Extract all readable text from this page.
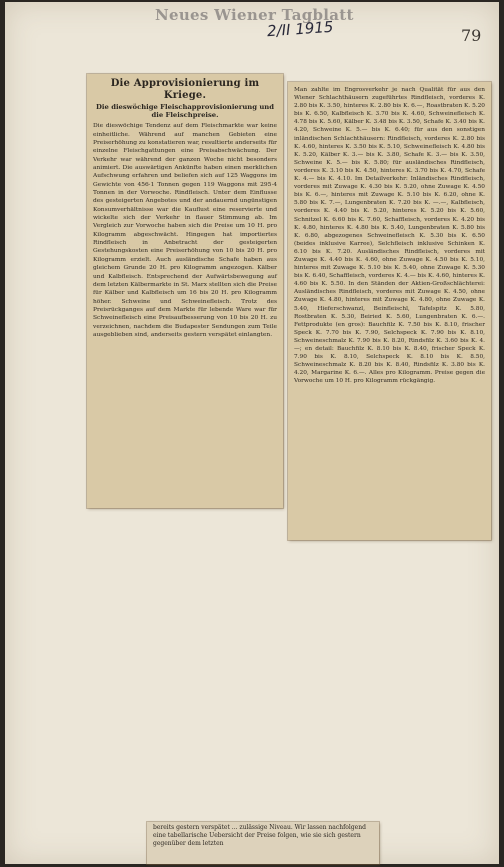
Neues Wiener Tagblatt
2/II 1915	79
Die Approvisionierung im Kriege.
Die dieswöchige Fleischapprovisionierung und die Fleischpreise.

Die dieswöchige Tendenz auf dem Fleischmarkte war keine einheitliche. Während auf manchen Gebieten eine Preiserhöhung zu konstatieren war, resultierte anderseits für einzelne Fleischgattungen eine Preisabschwächung. Der Verkehr war während der ganzen Woche nicht besonders animiert. Die auswärtigen Ankünfte haben einen merklichen Aufschwung erfahren und beliefen sich auf 125 Waggons im Gewichte von 456·1 Tonnen gegen 119 Waggons mit 295·4 Tonnen in der Vorwoche. Rindfleisch. Unter dem Einflusse des gesteigerten Angebotes und der andauernd ungünstigen Konsumverhältnisse war die Kauflust eine reservierte und wickelte sich der Verkehr in flauer Stimmung ab. Im Vergleich zur Vorwoche haben sich die Preise um 10 H. pro Kilogramm abgeschwächt. Hingegen hat importiertes Rindfleisch in Anbetracht der gesteigerten Gestehungskosten eine Preiserhöhung von 10 bis 20 H. pro Kilogramm erzielt. Auch ausländische Schafe haben aus gleichem Grunde 20 H. pro Kilogramm angezogen. Kälber und Kalbfleisch. Entsprechend der Aufwärtsbewegung auf dem letzten Kälbermarkte in St. Marx stellten sich die Preise für Kälber und Kalbfleisch um 16 bis 20 H. pro Kilogramm höher. Schweine und Schweinefleisch. Trotz des Preisrückganges auf dem Markte für lebende Ware war für Schweinefleisch eine Preisaufbesserung von 10 bis 20 H. zu verzeichnen, nachdem die Budapester Sendungen zum Teile ausgeblieben sind, anderseits gestern verspätet einlangten.

Man zahlte im Engrosverkehr je nach Qualität für aus den Wiener Schlachthäusern zugeführtes Rindfleisch, vorderes K. 2.80 bis K. 3.50, hinteres K. 2.80 bis K. 6.—, Roastbraten K. 5.20 bis K. 6.50, Kalbfleisch K. 3.70 bis K. 4.60, Schweinefleisch K. 4.78 bis K. 5.60, Kälber K. 3.48 bis K. 3.50, Schafe K. 3.40 bis K. 4.20, Schweine K. 5.— bis K. 6.40; für aus den sonstigen inländischen Schlachthäusern: Rindfleisch, vorderes K. 2.80 bis K. 4.60, hinteres K. 3.50 bis K. 5.10, Schweinefleisch K. 4.80 bis K. 5.20, Kälber K. 3.— bis K. 3.80, Schafe K. 3.— bis K. 3.50, Schweine K. 5.— bis K. 5.80; für ausländisches Rindfleisch, vorderes K. 3.10 bis K. 4.50, hinteres K. 3.70 bis K. 4.70, Schafe K. 4.— bis K. 4.10. Im Detailverkehr: Inländisches Rindfleisch, vorderes mit Zuwage K. 4.30 bis K. 5.20, ohne Zuwage K. 4.50 bis K. 6.—, hinteres mit Zuwage K. 5.10 bis K. 6.20, ohne K. 5.80 bis K. 7.—, Lungenbraten K. 7.20 bis K. —.—, Kalbfleisch, vorderes K. 4.40 bis K. 5.20, hinteres K. 5.20 bis K. 5.60, Schnitzel K. 6.60 bis K. 7.60, Schaffleisch, vorderes K. 4.20 bis K. 4.80, hinteres K. 4.80 bis K. 5.40, Lungenbraten K. 5.80 bis K. 6.80, abgezogenes Schweinefleisch K. 5.30 bis K. 6.50 (beides inklusive Karree), Selchfleisch inklusive Schinken K. 6.10 bis K. 7.20. Ausländisches Rindfleisch, vorderes mit Zuwage K. 4.40 bis K. 4.60, ohne Zuwage K. 4.50 bis K. 5.10, hinteres mit Zuwage K. 5.10 bis K. 5.40, ohne Zuwage K. 5.30 bis K. 6.40, Schaffleisch, vorderes K. 4.— bis K. 4.60, hinteres K. 4.60 bis K. 5.50. In den Ständen der Aktien-Großschlächterei: Ausländisches Rindfleisch, vorderes mit Zuwage K. 4.50, ohne Zuwage K. 4.80, hinteres mit Zuwage K. 4.80, ohne Zuwage K. 5.40, Hieferschwanzl, Beinfleischl, Tafelspitz K. 5.80, Rostbraten K. 5.30, Beiried K. 5.60, Lungenbraten K. 6.—. Fettprodukte (en gros): Bauchfilz K. 7.50 bis K. 8.10, frischer Speck K. 7.70 bis K. 7.90, Selchspeck K. 7.90 bis K. 8.10, Schweineschmalz K. 7.90 bis K. 8.20, Rindsfilz K. 3.60 bis K. 4.—; en detail: Bauchfilz K. 8.10 bis K. 8.40, frischer Speck K. 7.90 bis K. 8.10, Selchspeck K. 8.10 bis K. 8.50, Schweineschmalz K. 8.20 bis K. 8.40, Rindsfilz K. 3.80 bis K. 4.20, Margarine K. 6.—. Alles pro Kilogramm. Preise gegen die Vorwoche um 10 H. pro Kilogramm rückgängig.

bereits gestern verspätet ... zulässige Niveau. Wir lassen nachfolgend eine tabellarische Uebersicht der Preise folgen, wie sie sich gestern gegenüber dem letzten
